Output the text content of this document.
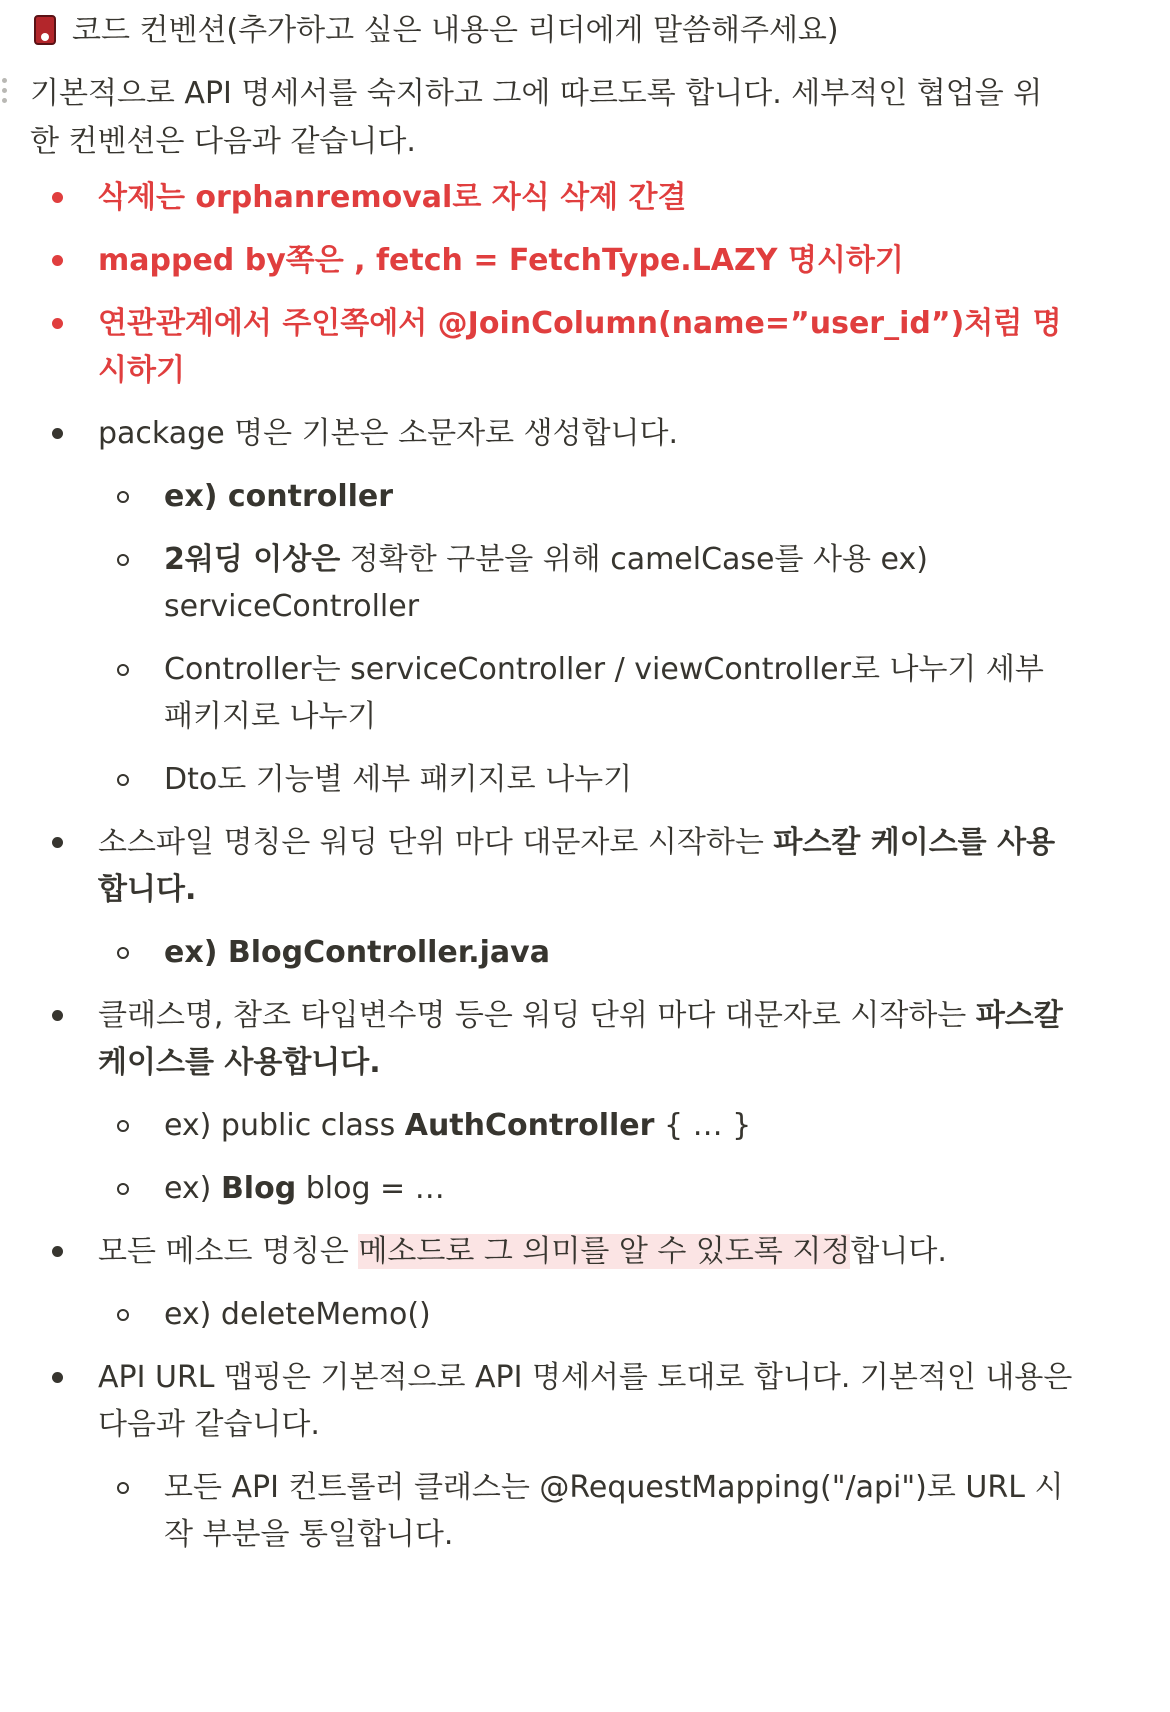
코드 컨벤션(추가하고 싶은 내용은 리더에게 말씀해주세요)
기본적으로 API 명세서를 숙지하고 그에 따르도록 합니다. 세부적인 협업을 위한 컨벤션은 다음과 같습니다.
삭제는 orphanremoval로 자식 삭제 간결
mapped by쪽은 , fetch = FetchType.LAZY 명시하기
연관관계에서 주인쪽에서 @JoinColumn(name=”user_id”)처럼 명시하기
package 명은 기본은 소문자로 생성합니다.
ex) controller
2워딩 이상은 정확한 구분을 위해 camelCase를 사용 ex) serviceController
Controller는 serviceController / viewController로 나누기 세부 패키지로 나누기
Dto도 기능별 세부 패키지로 나누기
소스파일 명칭은 워딩 단위 마다 대문자로 시작하는 파스칼 케이스를 사용합니다.
ex) BlogController.java
클래스명, 참조 타입변수명 등은 워딩 단위 마다 대문자로 시작하는 파스칼 케이스를 사용합니다.
ex) public class AuthController { … }
ex) Blog blog = …
모든 메소드 명칭은 메소드로 그 의미를 알 수 있도록 지정합니다.
ex) deleteMemo()
API URL 맵핑은 기본적으로 API 명세서를 토대로 합니다. 기본적인 내용은 다음과 같습니다.
모든 API 컨트롤러 클래스는 @RequestMapping("/api")로 URL 시작 부분을 통일합니다.
